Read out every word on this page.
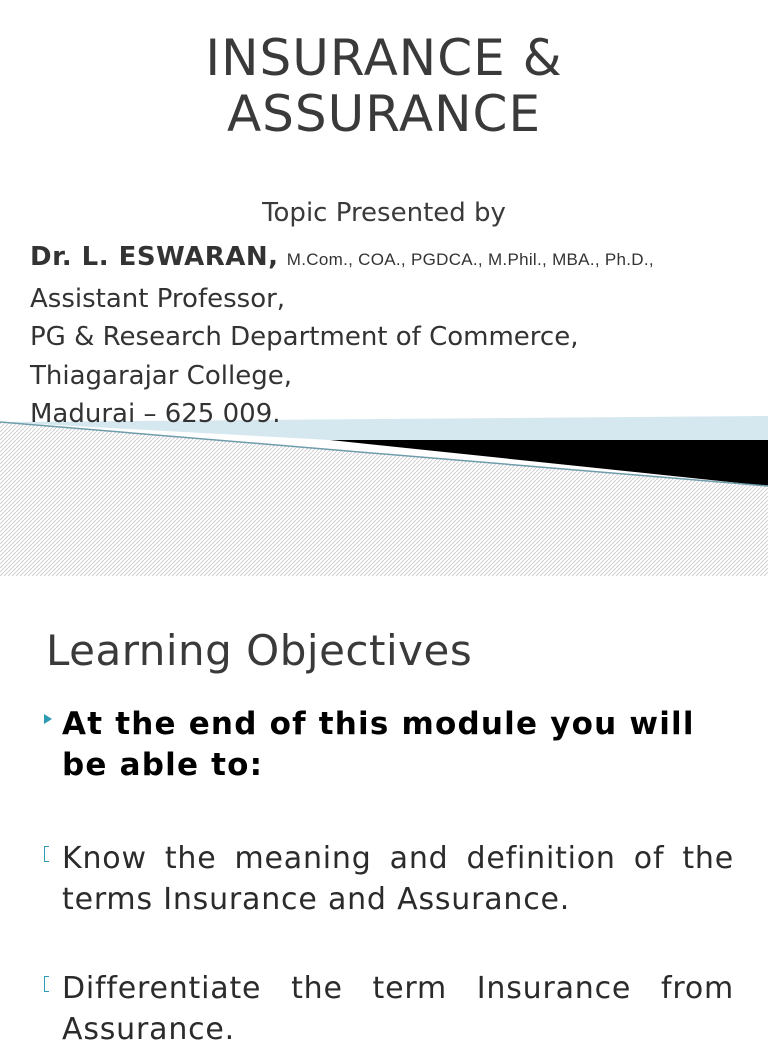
INSURANCE &
ASSURANCE
Topic Presented by
Dr. L. ESWARAN, M.Com., COA., PGDCA., M.Phil., MBA., Ph.D.,
Assistant Professor,
PG & Research Department of Commerce,
Thiagarajar College,
Madurai – 625 009.
Learning Objectives
At the end of this module you will be able to:
Know the meaning and definition of the terms Insurance and Assurance.
Differentiate the term Insurance from Assurance.
